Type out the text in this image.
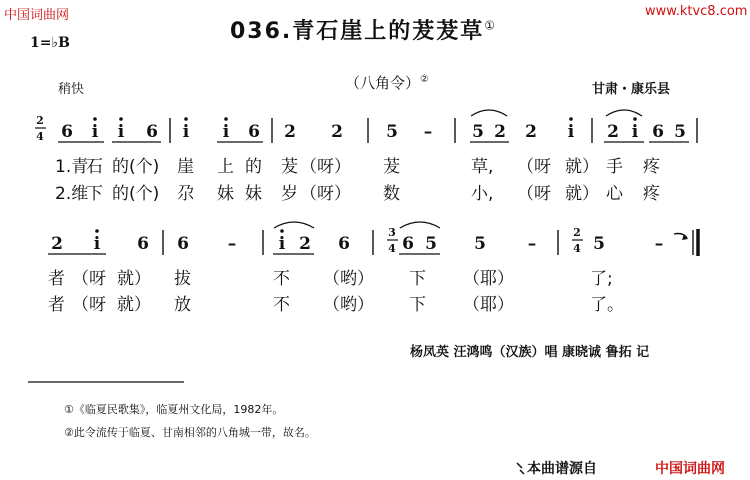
中国词曲网	www.ktvc8.com
036.青石崖上的茇茇草①
1=♭B
稍快	（八角令）②
甘肃・康乐县
2
4 6 i i 6 i i 6 2 2	5 – 5 2 2 i 2 i 6 5
1.青
石 的(个) 崖 上 的 茇 （呀） 茇	草, （呀 就） 手 疼
2.维
下 的(个) 尕 妹 妹 岁 （呀） 数	小, （呀 就） 心 疼
2 i 6 6 –	i 2 6	6 5 5 –	5	–
3
4
2
4
者 （呀 就） 拔	不 （哟） 下 （耶）	了;
者 （呀 就） 放	不 （哟） 下 （耶）	了。
杨凤英 汪鸿鸣（汉族）唱 康晓诚 鲁拓 记
①《临夏民歌集》，临夏州文化局，1982年。
②此令流传于临夏、甘南相邻的八角城一带，故名。
本曲谱源自	中国词曲网
